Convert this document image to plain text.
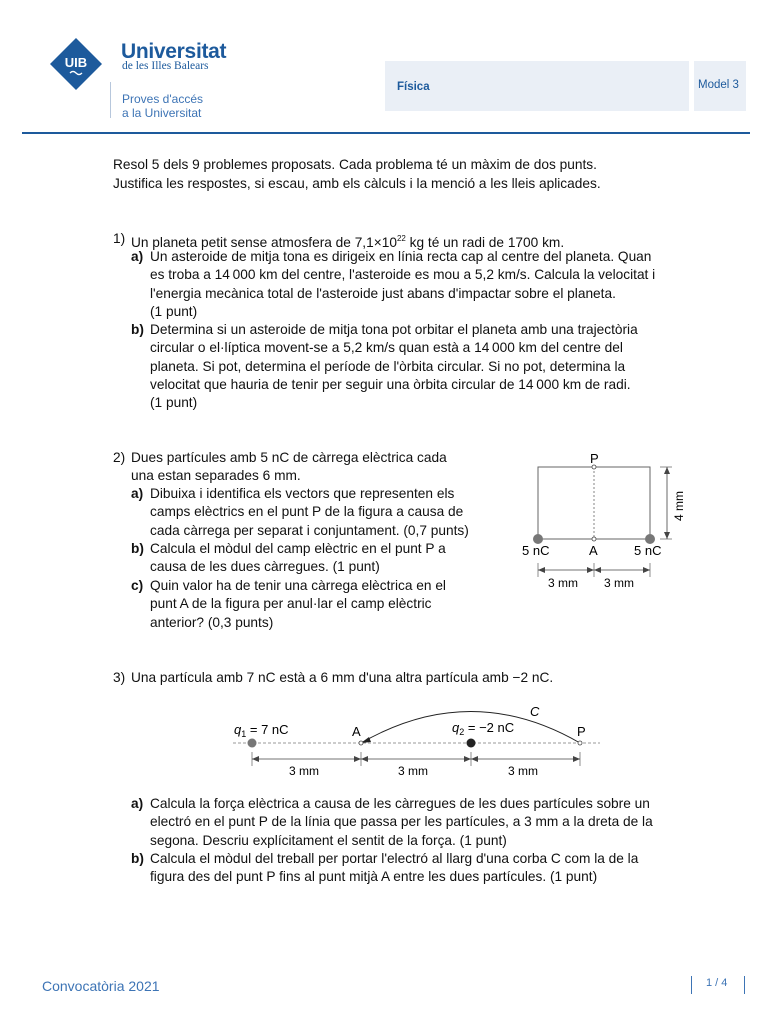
UIB Universitat
de les Illes Balears
Proves d'accés
a la Universitat
Física	Model 3
Resol 5 dels 9 problemes proposats. Cada problema té un màxim de dos punts.
Justifica les respostes, si escau, amb els càlculs i la menció a les lleis aplicades.
1) Un planeta petit sense atmosfera de $7,1\times 10^{22}$ kg té un radi de 1700 km.
a) Un asteroide de mitja tona es dirigeix en línia recta cap al centre del planeta. Quan
es troba a 14 000 km del centre, l'asteroide es mou a 5,2 km/s. Calcula la velocitat i
l'energia mecànica total de l'asteroide just abans d'impactar sobre el planeta.
(1 punt)
b) Determina si un asteroide de mitja tona pot orbitar el planeta amb una trajectòria
circular o el·líptica movent-se a 5,2 km/s quan està a 14 000 km del centre del
planeta. Si pot, determina el període de l'òrbita circular. Si no pot, determina la
velocitat que hauria de tenir per seguir una òrbita circular de 14 000 km de radi.
(1 punt)
2) Dues partícules amb 5 nC de càrrega elèctrica cada
una estan separades 6 mm.
a) Dibuixa i identifica els vectors que representen els
camps elèctrics en el punt P de la figura a causa de
cada càrrega per separat i conjuntament. (0,7 punts)
b) Calcula el mòdul del camp elèctric en el punt P a
causa de les dues càrregues. (1 punt)
c) Quin valor ha de tenir una càrrega elèctrica en el
punt A de la figura per anul·lar el camp elèctric
anterior? (0,3 punts)
P
A
5 nC	5 nC
4 mm
3 mm 3 mm
3) Una partícula amb 7 nC està a 6 mm d'una altra partícula amb −2 nC.
$q_1 = 7$ nC	$q_2 = -2$ nC
A	P
C
3 mm	3 mm	3 mm
a) Calcula la força elèctrica a causa de les càrregues de les dues partícules sobre un
electró en el punt P de la línia que passa per les partícules, a 3 mm a la dreta de la
segona. Descriu explícitament el sentit de la força. (1 punt)
b) Calcula el mòdul del treball per portar l'electró al llarg d'una corba C com la de la
figura des del punt P fins al punt mitjà A entre les dues partícules. (1 punt)
Convocatòria 2021	1 / 4
